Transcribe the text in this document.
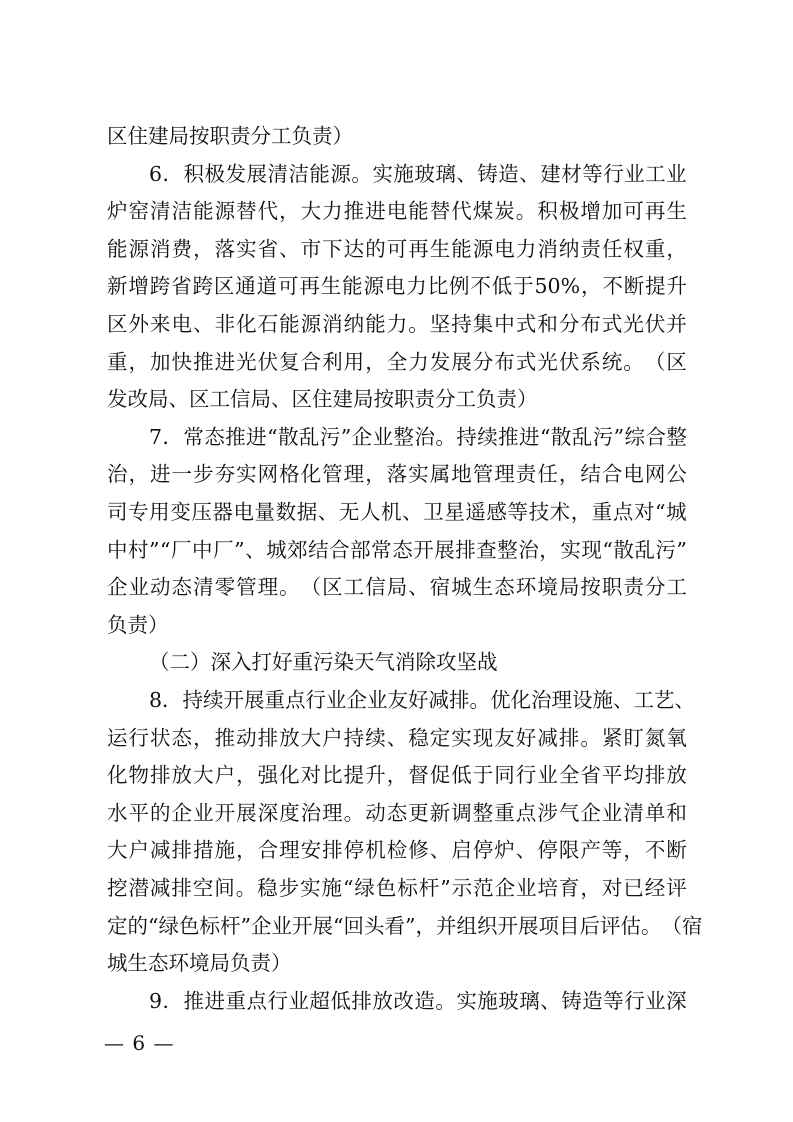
区住建局按职责分工负责）
6 ． 积 极 发 展 清 洁 能 源 。 实 施 玻 璃 、 铸 造 、 建 材 等 行 业 工 业
炉 窑 清 洁 能 源 替 代 ， 大 力 推 进 电 能 替 代 煤 炭 。 积 极 增 加 可 再 生
能 源 消 费 ， 落 实 省 、 市 下 达 的 可 再 生 能 源 电 力 消 纳 责 任 权 重 ，
新 增 跨 省 跨 区 通 道 可 再 生 能 源 电 力 比 例 不 低 于 50% ， 不 断 提 升
区 外 来 电 、 非 化 石 能 源 消 纳 能 力 。 坚 持 集 中 式 和 分 布 式 光 伏 并
重 ， 加 快 推 进 光 伏 复 合 利 用 ， 全 力 发 展 分 布 式 光 伏 系 统 。 （ 区
发改局、区工信局、区住建局按职责分工负责）
7 ． 常 态 推 进 “ 散 乱 污 ” 企 业 整 治 。 持 续 推 进 “ 散 乱 污 ” 综 合 整
治 ， 进 一 步 夯 实 网 格 化 管 理 ， 落 实 属 地 管 理 责 任 ， 结 合 电 网 公
司 专 用 变 压 器 电 量 数 据 、 无 人 机 、 卫 星 遥 感 等 技 术 ， 重 点 对 “ 城
中 村 ” “ 厂 中 厂 ” 、 城 郊 结 合 部 常 态 开 展 排 查 整 治 ， 实 现 “ 散 乱 污 ”
企 业 动 态 清 零 管 理 。 （ 区 工 信 局 、 宿 城 生 态 环 境 局 按 职 责 分 工
负责）
（二）深入打好重污染天气消除攻坚战
8 ． 持 续 开 展 重 点 行 业 企 业 友 好 减 排 。 优 化 治 理 设 施 、 工 艺 、
运 行 状 态 ， 推 动 排 放 大 户 持 续 、 稳 定 实 现 友 好 减 排 。 紧 盯 氮 氧
化 物 排 放 大 户 ， 强 化 对 比 提 升 ， 督 促 低 于 同 行 业 全 省 平 均 排 放
水 平 的 企 业 开 展 深 度 治 理 。 动 态 更 新 调 整 重 点 涉 气 企 业 清 单 和
大 户 减 排 措 施 ， 合 理 安 排 停 机 检 修 、 启 停 炉 、 停 限 产 等 ， 不 断
挖 潜 减 排 空 间 。 稳 步 实 施 “ 绿 色 标 杆 ” 示 范 企 业 培 育 ， 对 已 经 评
定 的 “ 绿 色 标 杆 ” 企 业 开 展 “ 回 头 看 ” ， 并 组 织 开 展 项 目 后 评 估 。 （ 宿
城生态环境局负责）
9 ． 推 进 重 点 行 业 超 低 排 放 改 造 。 实 施 玻 璃 、 铸 造 等 行 业 深
— 6 —
